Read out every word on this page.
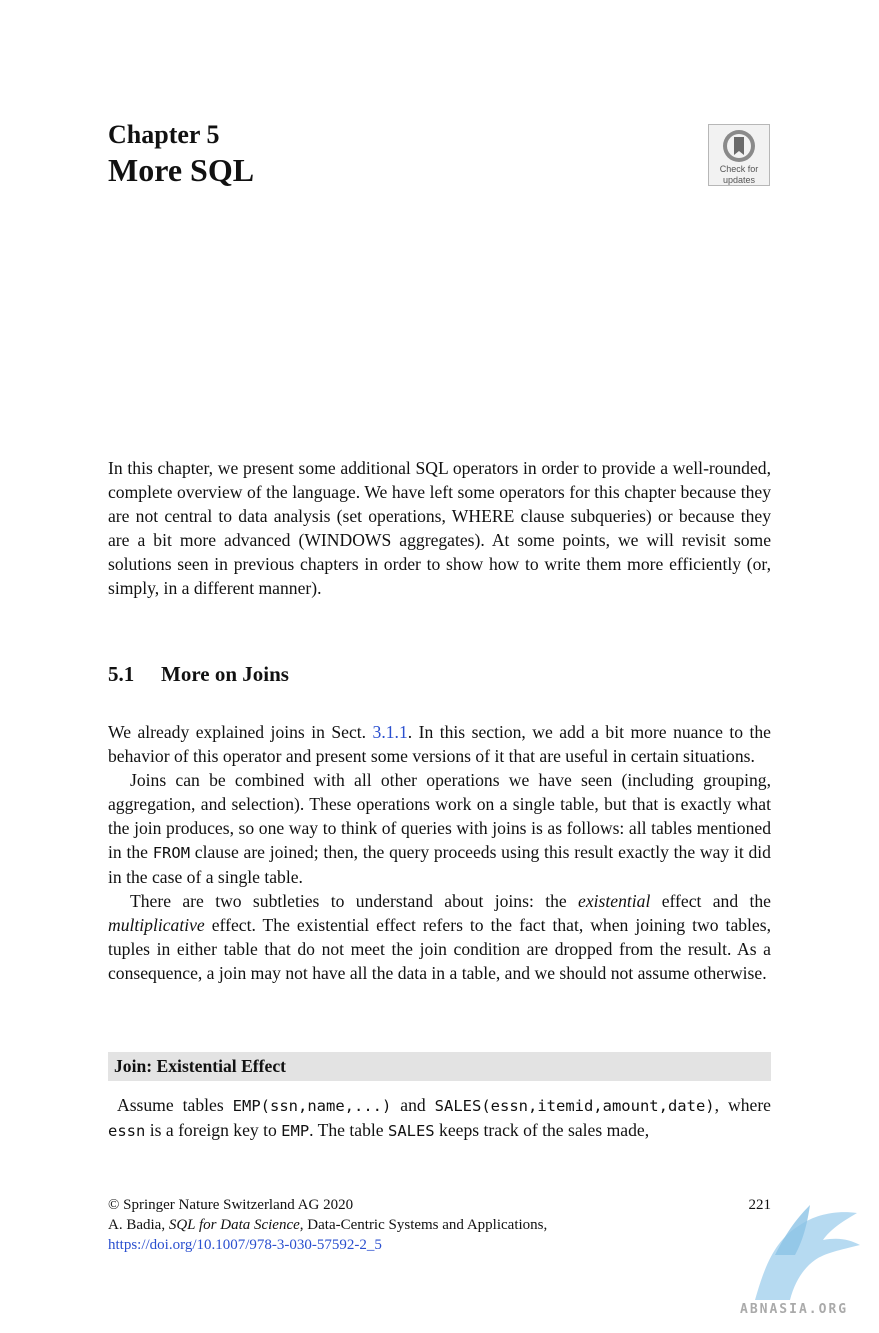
Chapter 5
More SQL	Check for
updates

In this chapter, we present some additional SQL operators in order to provide a well-rounded, complete overview of the language. We have left some operators for this chapter because they are not central to data analysis (set operations, WHERE clause subqueries) or because they are a bit more advanced (WINDOWS aggregates). At some points, we will revisit some solutions seen in previous chapters in order to show how to write them more efficiently (or, simply, in a different manner).

5.1 More on Joins

We already explained joins in Sect. 3.1.1. In this section, we add a bit more nuance to the behavior of this operator and present some versions of it that are useful in certain situations.

Joins can be combined with all other operations we have seen (including grouping, aggregation, and selection). These operations work on a single table, but that is exactly what the join produces, so one way to think of queries with joins is as follows: all tables mentioned in the FROM clause are joined; then, the query proceeds using this result exactly the way it did in the case of a single table.

There are two subtleties to understand about joins: the existential effect and the multiplicative effect. The existential effect refers to the fact that, when joining two tables, tuples in either table that do not meet the join condition are dropped from the result. As a consequence, a join may not have all the data in a table, and we should not assume otherwise.

Join: Existential Effect

Assume tables EMP(ssn,name,...) and SALES(essn,itemid,amount,date), where essn is a foreign key to EMP. The table SALES keeps track of the sales made,

© Springer Nature Switzerland AG 2020
A. Badia, SQL for Data Science, Data-Centric Systems and Applications,
https://doi.org/10.1007/978-3-030-57592-2_5
221
ABNASIA.ORG
